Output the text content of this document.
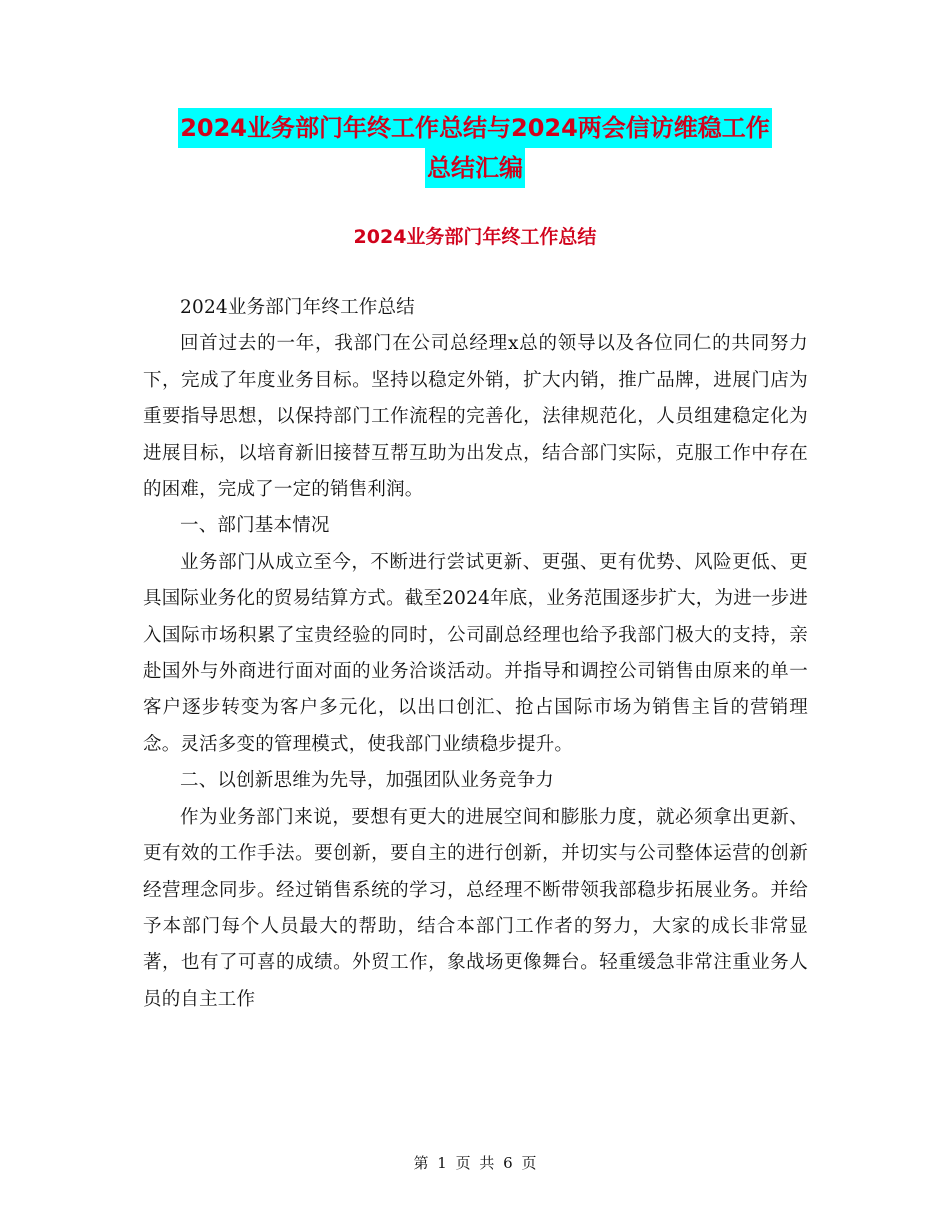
2024业务部门年终工作总结与2024两会信访维稳工作
总结汇编
2024业务部门年终工作总结

2024业务部门年终工作总结

回首过去的一年，我部门在公司总经理x总的领导以及各位同仁的共同努力下，完成了年度业务目标。坚持以稳定外销，扩大内销，推广品牌，进展门店为重要指导思想，以保持部门工作流程的完善化，法律规范化，人员组建稳定化为进展目标，以培育新旧接替互帮互助为出发点，结合部门实际，克服工作中存在的困难，完成了一定的销售利润。

一、部门基本情况

业务部门从成立至今，不断进行尝试更新、更强、更有优势、风险更低、更具国际业务化的贸易结算方式。截至2024年底，业务范围逐步扩大，为进一步进入国际市场积累了宝贵经验的同时，公司副总经理也给予我部门极大的支持，亲赴国外与外商进行面对面的业务洽谈活动。并指导和调控公司销售由原来的单一客户逐步转变为客户多元化，以出口创汇、抢占国际市场为销售主旨的营销理念。灵活多变的管理模式，使我部门业绩稳步提升。

二、以创新思维为先导，加强团队业务竞争力

作为业务部门来说，要想有更大的进展空间和膨胀力度，就必须拿出更新、更有效的工作手法。要创新，要自主的进行创新，并切实与公司整体运营的创新经营理念同步。经过销售系统的学习，总经理不断带领我部稳步拓展业务。并给予本部门每个人员最大的帮助，结合本部门工作者的努力，大家的成长非常显著，也有了可喜的成绩。外贸工作，象战场更像舞台。轻重缓急非常注重业务人员的自主工作

第 1 页 共 6 页
